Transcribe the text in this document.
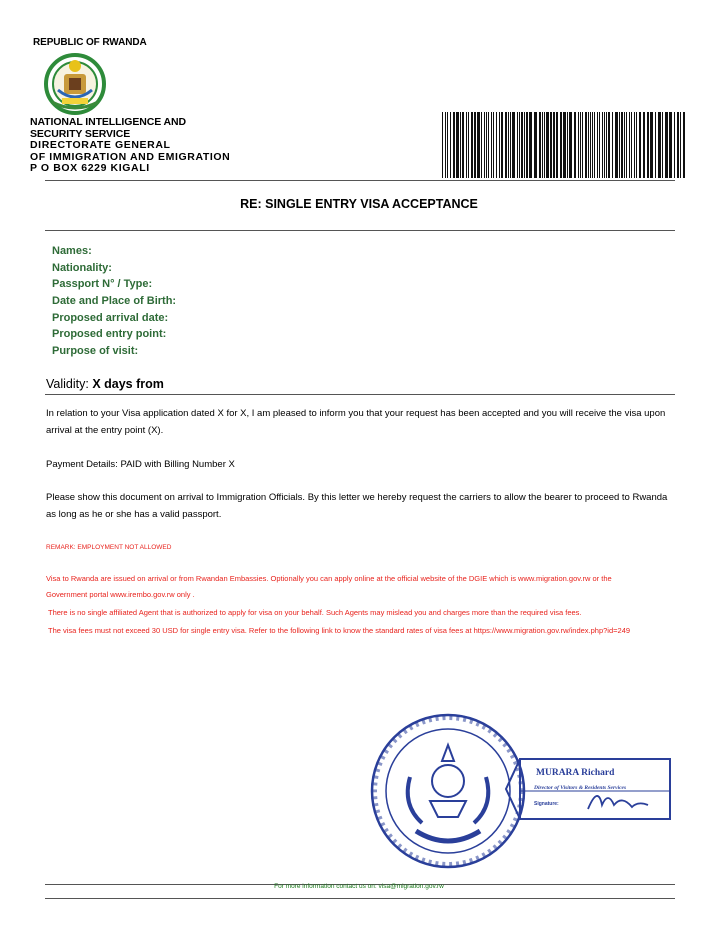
REPUBLIC OF RWANDA
NATIONAL INTELLIGENCE AND
SECURITY SERVICE
DIRECTORATE GENERAL
OF IMMIGRATION AND EMIGRATION
P O BOX 6229 KIGALI
RE: SINGLE ENTRY VISA ACCEPTANCE
Names:
Nationality:
Passport N° / Type:
Date and Place of Birth:
Proposed arrival date:
Proposed entry point:
Purpose of visit:
Validity: X days from
In relation to your Visa application dated X for X, I am pleased to inform you that your request has been accepted and you will receive the visa upon arrival at the entry point (X).
Payment Details: PAID with Billing Number X
Please show this document on arrival to Immigration Officials. By this letter we hereby request the carriers to allow the bearer to proceed to Rwanda as long as he or she has a valid passport.
REMARK: EMPLOYMENT NOT ALLOWED
Visa to Rwanda are issued on arrival or from Rwandan Embassies. Optionally you can apply online at the official website of the DGIE which is www.migration.gov.rw or the
Government portal www.irembo.gov.rw only .
There is no single affiliated Agent that is authorized to apply for visa on your behalf. Such Agents may mislead you and charges more than the required visa fees.
The visa fees must not exceed 30 USD for single entry visa. Refer to the following link to know the standard rates of visa fees at https://www.migration.gov.rw/index.php?id=249
MURARA Richard
Director of Visitors & Residents Services
Signature:
For more information contact us on: visa@migration.gov.rw
